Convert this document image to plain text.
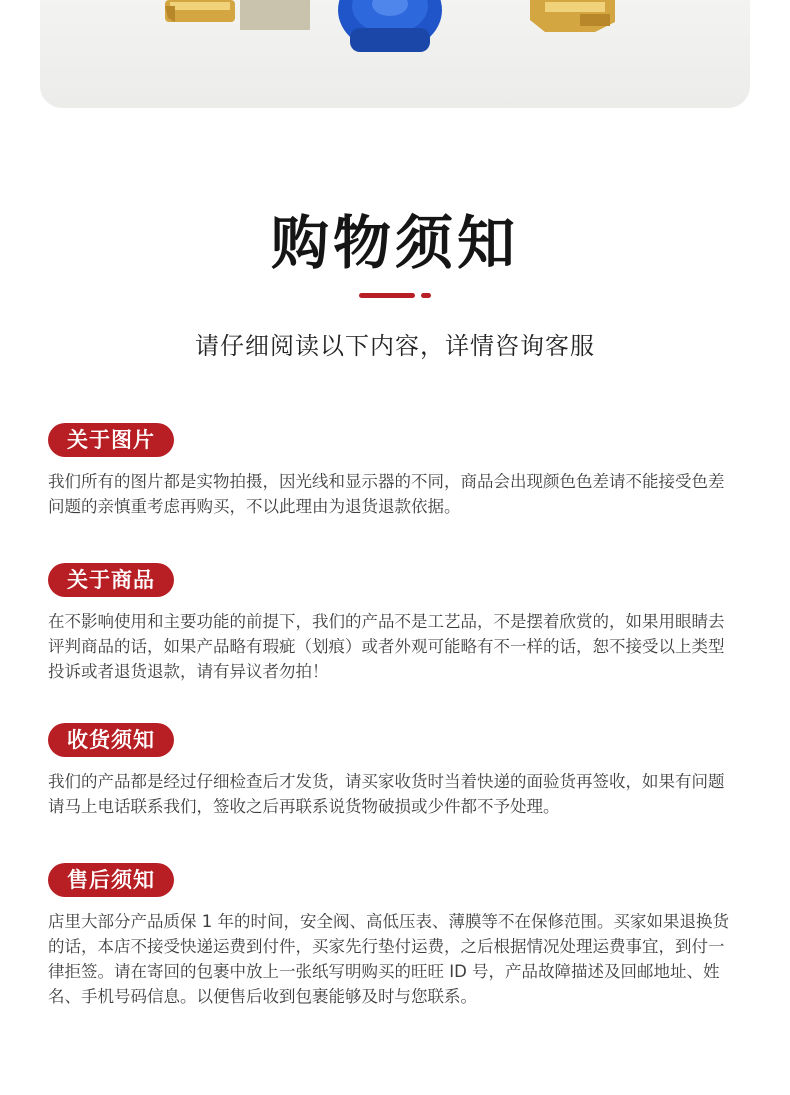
购物须知
请仔细阅读以下内容，详情咨询客服
关于图片
我们所有的图片都是实物拍摄，因光线和显示器的不同，商品会出现颜色色差请不能接受色差问题的亲慎重考虑再购买，不以此理由为退货退款依据。
关于商品
在不影响使用和主要功能的前提下，我们的产品不是工艺品，不是摆着欣赏的，如果用眼睛去评判商品的话，如果产品略有瑕疵（划痕）或者外观可能略有不一样的话，恕不接受以上类型投诉或者退货退款，请有异议者勿拍！
收货须知
我们的产品都是经过仔细检查后才发货，请买家收货时当着快递的面验货再签收，如果有问题请马上电话联系我们，签收之后再联系说货物破损或少件都不予处理。
售后须知
店里大部分产品质保 1 年的时间，安全阀、高低压表、薄膜等不在保修范围。买家如果退换货的话，本店不接受快递运费到付件，买家先行垫付运费，之后根据情况处理运费事宜，到付一律拒签。请在寄回的包裹中放上一张纸写明购买的旺旺 ID 号，产品故障描述及回邮地址、姓名、手机号码信息。以便售后收到包裹能够及时与您联系。
